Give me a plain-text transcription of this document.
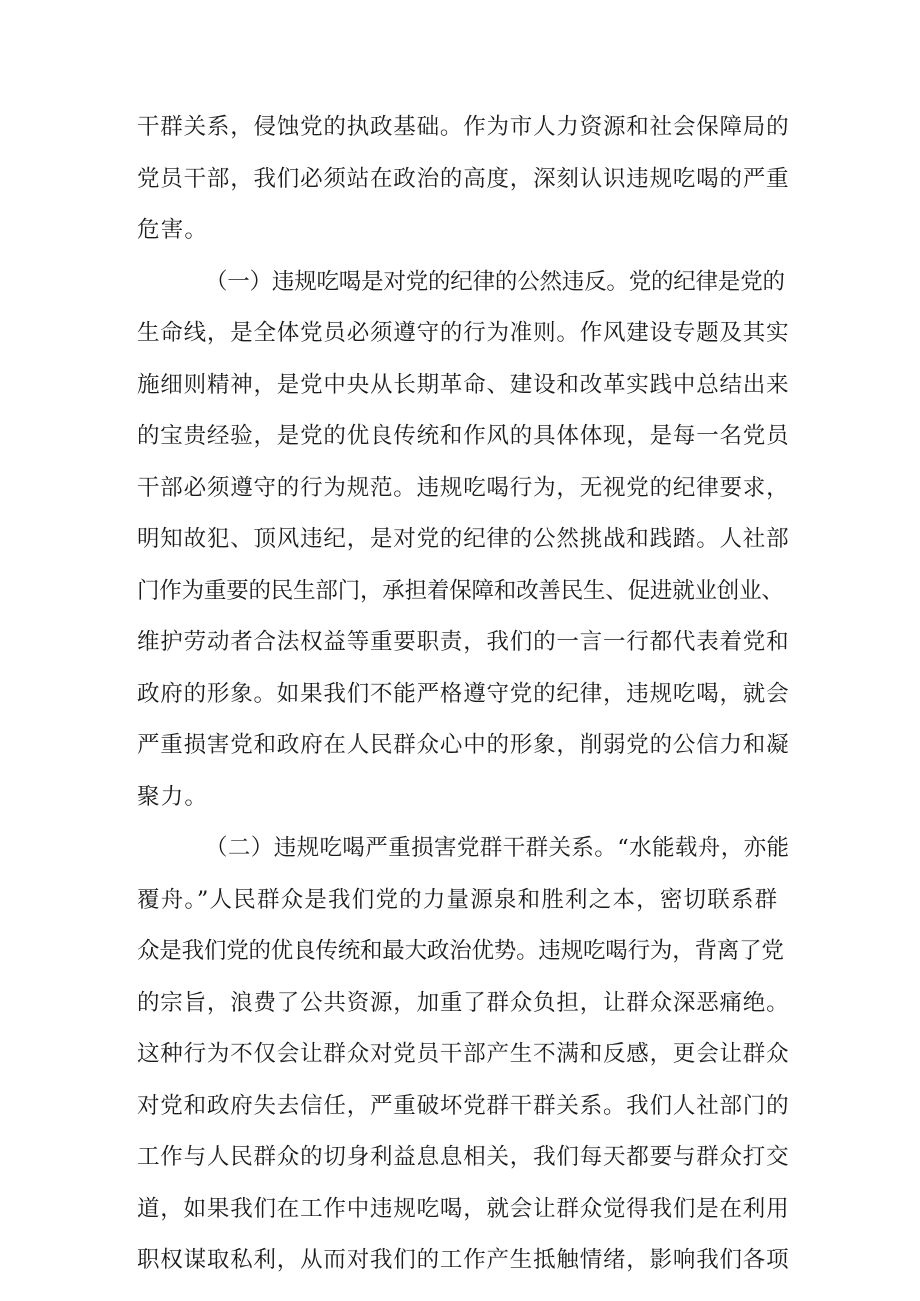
干群关系，侵蚀党的执政基础。作为市人力资源和社会保障局的
党员干部，我们必须站在政治的高度，深刻认识违规吃喝的严重
危害。
（一）违规吃喝是对党的纪律的公然违反。党的纪律是党的
生命线，是全体党员必须遵守的行为准则。作风建设专题及其实
施细则精神，是党中央从长期革命、建设和改革实践中总结出来
的宝贵经验，是党的优良传统和作风的具体体现，是每一名党员
干部必须遵守的行为规范。违规吃喝行为，无视党的纪律要求，
明知故犯、顶风违纪，是对党的纪律的公然挑战和践踏。人社部
门作为重要的民生部门，承担着保障和改善民生、促进就业创业、
维护劳动者合法权益等重要职责，我们的一言一行都代表着党和
政府的形象。如果我们不能严格遵守党的纪律，违规吃喝，就会
严重损害党和政府在人民群众心中的形象，削弱党的公信力和凝
聚力。
（二）违规吃喝严重损害党群干群关系。“水能载舟，亦能
覆舟。”人民群众是我们党的力量源泉和胜利之本，密切联系群
众是我们党的优良传统和最大政治优势。违规吃喝行为，背离了党
的宗旨，浪费了公共资源，加重了群众负担，让群众深恶痛绝。
这种行为不仅会让群众对党员干部产生不满和反感，更会让群众
对党和政府失去信任，严重破坏党群干群关系。我们人社部门的
工作与人民群众的切身利益息息相关，我们每天都要与群众打交
道，如果我们在工作中违规吃喝，就会让群众觉得我们是在利用
职权谋取私利，从而对我们的工作产生抵触情绪，影响我们各项
